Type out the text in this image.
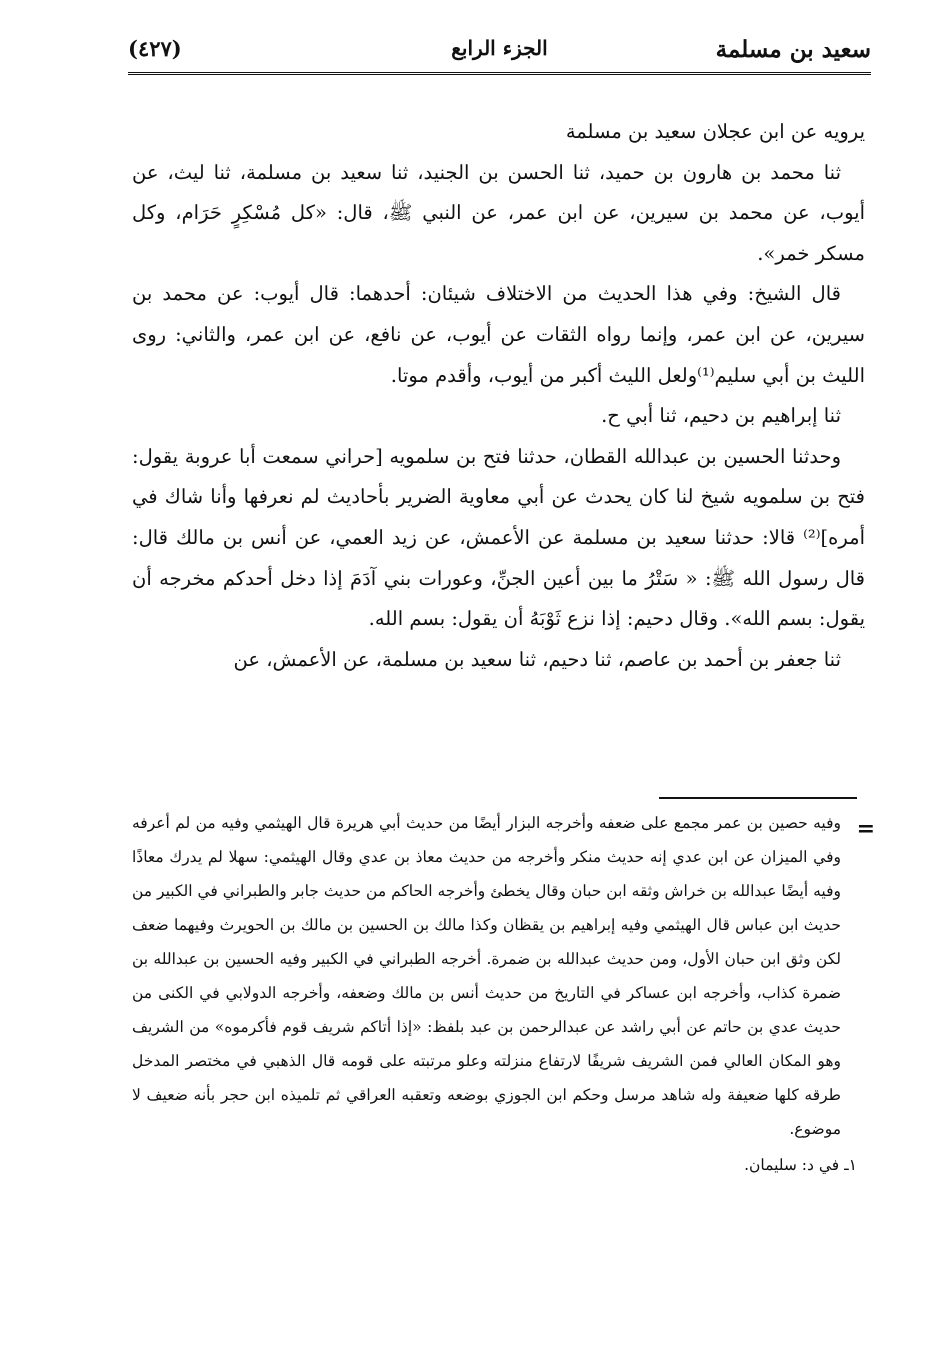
سعيد بن مسلمة
الجزء الرابع
(٤٢٧)

يرويه عن ابن عجلان سعيد بن مسلمة

ثنا محمد بن هارون بن حميد، ثنا الحسن بن الجنيد، ثنا سعيد بن مسلمة، ثنا ليث، عن أيوب، عن محمد بن سيرين، عن ابن عمر، عن النبي ﷺ، قال: «كل مُسْكِرٍ حَرَام، وكل مسكر خمر».

قال الشيخ: وفي هذا الحديث من الاختلاف شيئان: أحدهما: قال أيوب: عن محمد بن سيرين، عن ابن عمر، وإنما رواه الثقات عن أيوب، عن نافع، عن ابن عمر، والثاني: روى الليث بن أبي سليم⁽¹⁾ولعل الليث أكبر من أيوب، وأقدم موتا.

ثنا إبراهيم بن دحيم، ثنا أبي ح.

وحدثنا الحسين بن عبدالله القطان، حدثنا فتح بن سلمويه [حراني سمعت أبا عروبة يقول: فتح بن سلمويه شيخ لنا كان يحدث عن أبي معاوية الضرير بأحاديث لم نعرفها وأنا شاك في أمره]⁽²⁾ قالا: حدثنا سعيد بن مسلمة عن الأعمش، عن زيد العمي، عن أنس بن مالك قال: قال رسول الله ﷺ: « سَتْرُ ما بين أعين الجنِّ، وعورات بني آدَمَ إذا دخل أحدكم مخرجه أن يقول: بسم الله». وقال دحيم: إذا نزع ثَوْبَهُ أن يقول: بسم الله.

ثنا جعفر بن أحمد بن عاصم، ثنا دحيم، ثنا سعيد بن مسلمة، عن الأعمش، عن

=

وفيه حصين بن عمر مجمع على ضعفه وأخرجه البزار أيضًا من حديث أبي هريرة قال الهيثمي وفيه من لم أعرفه وفي الميزان عن ابن عدي إنه حديث منكر وأخرجه من حديث معاذ بن عدي وقال الهيثمي: سهلا لم يدرك معاذًا وفيه أيضًا عبدالله بن خراش وثقه ابن حبان وقال يخطئ وأخرجه الحاكم من حديث جابر والطبراني في الكبير من حديث ابن عباس قال الهيثمي وفيه إبراهيم بن يقظان وكذا مالك بن الحسين بن مالك بن الحويرث وفيهما ضعف لكن وثق ابن حبان الأول، ومن حديث عبدالله بن ضمرة. أخرجه الطبراني في الكبير وفيه الحسين بن عبدالله بن ضمرة كذاب، وأخرجه ابن عساكر في التاريخ من حديث أنس بن مالك وضعفه، وأخرجه الدولابي في الكنى من حديث عدي بن حاتم عن أبي راشد عن عبدالرحمن بن عبد بلفظ: «إذا أتاكم شريف قوم فأكرموه» من الشريف وهو المكان العالي فمن الشريف شريفًا لارتفاع منزلته وعلو مرتبته على قومه قال الذهبي في مختصر المدخل طرقه كلها ضعيفة وله شاهد مرسل وحكم ابن الجوزي بوضعه وتعقبه العراقي ثم تلميذه ابن حجر بأنه ضعيف لا موضوع.

١ـ في د: سليمان.
